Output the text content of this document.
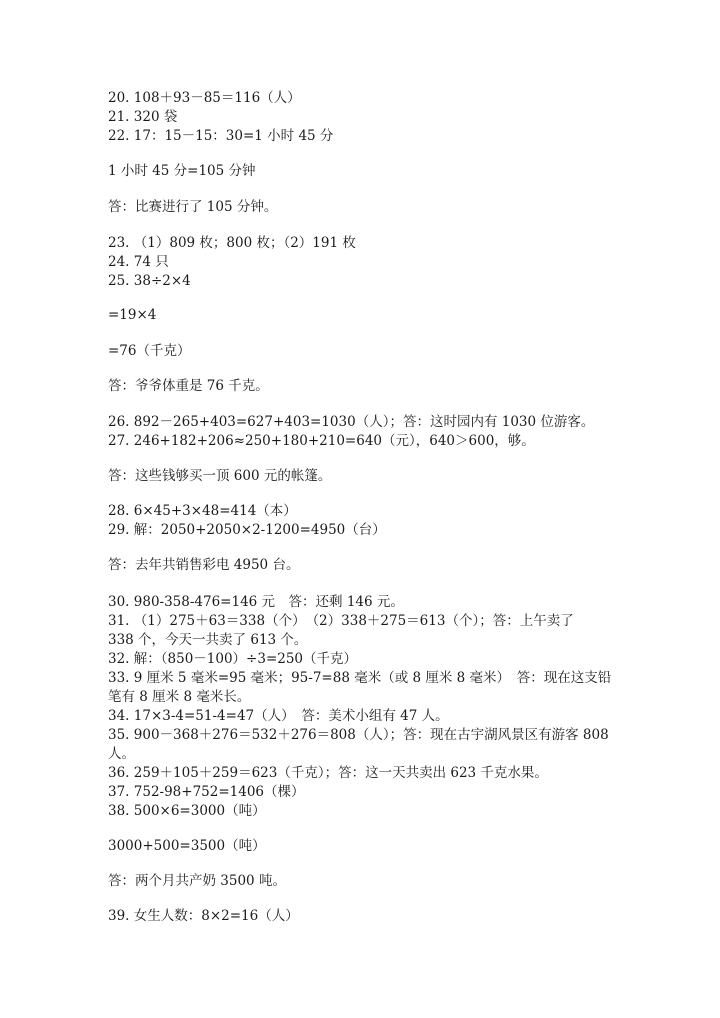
20. 108＋93－85＝116（人）
21. 320 袋
22. 17：15－15：30=1 小时 45 分
1 小时 45 分=105 分钟
答：比赛进行了 105 分钟。
23. （1）809 枚；800 枚；（2）191 枚
24. 74 只
25. 38÷2×4
=19×4
=76（千克）
答：爷爷体重是 76 千克。
26. 892－265+403=627+403=1030（人）；答：这时园内有 1030 位游客。
27. 246+182+206≈250+180+210=640（元），640＞600，够。
答：这些钱够买一顶 600 元的帐篷。
28. 6×45+3×48=414（本）
29. 解：2050+2050×2-1200=4950（台）
答：去年共销售彩电 4950 台。
30. 980-358-476=146 元　答：还剩 146 元。
31. （1）275＋63＝338（个）　（2）338＋275＝613（个）；答：上午卖了
338 个，今天一共卖了 613 个。
32. 解：（850－100）÷3=250（千克）
33. 9 厘米 5 毫米=95 毫米；95-7=88 毫米（或 8 厘米 8 毫米）　答：现在这支铅
笔有 8 厘米 8 毫米长。
34. 17×3-4=51-4=47（人）　答：美术小组有 47 人。
35. 900－368＋276＝532＋276＝808（人）；答：现在古宇湖风景区有游客 808
人。
36. 259＋105＋259＝623（千克）；答：这一天共卖出 623 千克水果。
37. 752-98+752=1406（棵）
38. 500×6=3000（吨）
3000+500=3500（吨）
答：两个月共产奶 3500 吨。
39. 女生人数：8×2=16（人）
